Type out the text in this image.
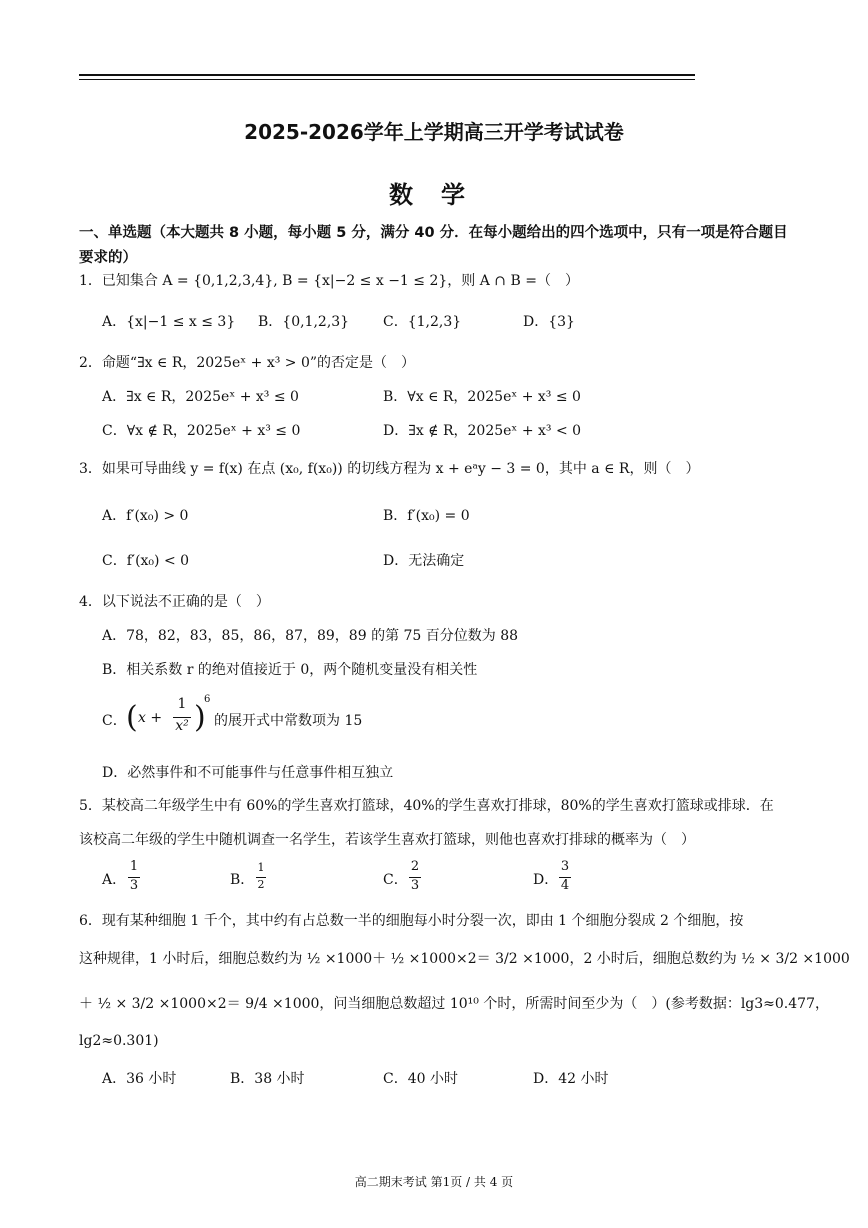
2025-2026学年上学期高三开学考试试卷
数学
一、单选题（本大题共 8 小题，每小题 5 分，满分 40 分．在每小题给出的四个选项中，只有一项是符合题目要求的）
1．已知集合 A = {0,1,2,3,4}, B = {x|−2 ≤ x −1 ≤ 2}，则 A ∩ B =（　）
A．{x|−1 ≤ x ≤ 3} B．{0,1,2,3} C．{1,2,3}	D．{3}
2．命题“∃x ∈ R，2025eˣ + x³ > 0”的否定是（　）
A．∃x ∈ R，2025eˣ + x³ ≤ 0	B．∀x ∈ R，2025eˣ + x³ ≤ 0
C．∀x ∉ R，2025eˣ + x³ ≤ 0	D．∃x ∉ R，2025eˣ + x³ < 0
3．如果可导曲线 y = f(x) 在点 (x₀, f(x₀)) 的切线方程为 x + eᵃy − 3 = 0，其中 a ∈ R，则（　）
A．f′(x₀) > 0	B．f′(x₀) = 0
C．f′(x₀) < 0	D．无法确定
4．以下说法不正确的是（　）
A．78，82，83，85，86，87，89，89 的第 75 百分位数为 88
B．相关系数 r 的绝对值接近于 0，两个随机变量没有相关性
C． ( x +
1
x² )
6
的展开式中常数项为 15
D．必然事件和不可能事件与任意事件相互独立
5．某校高二年级学生中有 60%的学生喜欢打篮球，40%的学生喜欢打排球，80%的学生喜欢打篮球或排球．在
该校高二年级的学生中随机调查一名学生，若该学生喜欢打篮球，则他也喜欢打排球的概率为（　）
A．
1
3	B．
1
2	C．
2
3	D．
3
4
6．现有某种细胞 1 千个，其中约有占总数一半的细胞每小时分裂一次，即由 1 个细胞分裂成 2 个细胞，按
这种规律，1 小时后，细胞总数约为 ½ ×1000＋ ½ ×1000×2＝ 3/2 ×1000，2 小时后，细胞总数约为 ½ × 3/2 ×1000
＋ ½ × 3/2 ×1000×2＝ 9/4 ×1000，问当细胞总数超过 10¹⁰ 个时，所需时间至少为（　）(参考数据：lg3≈0.477，
lg2≈0.301)
A．36 小时	B．38 小时	C．40 小时	D．42 小时
高二期末考试 第1页 / 共 4 页
